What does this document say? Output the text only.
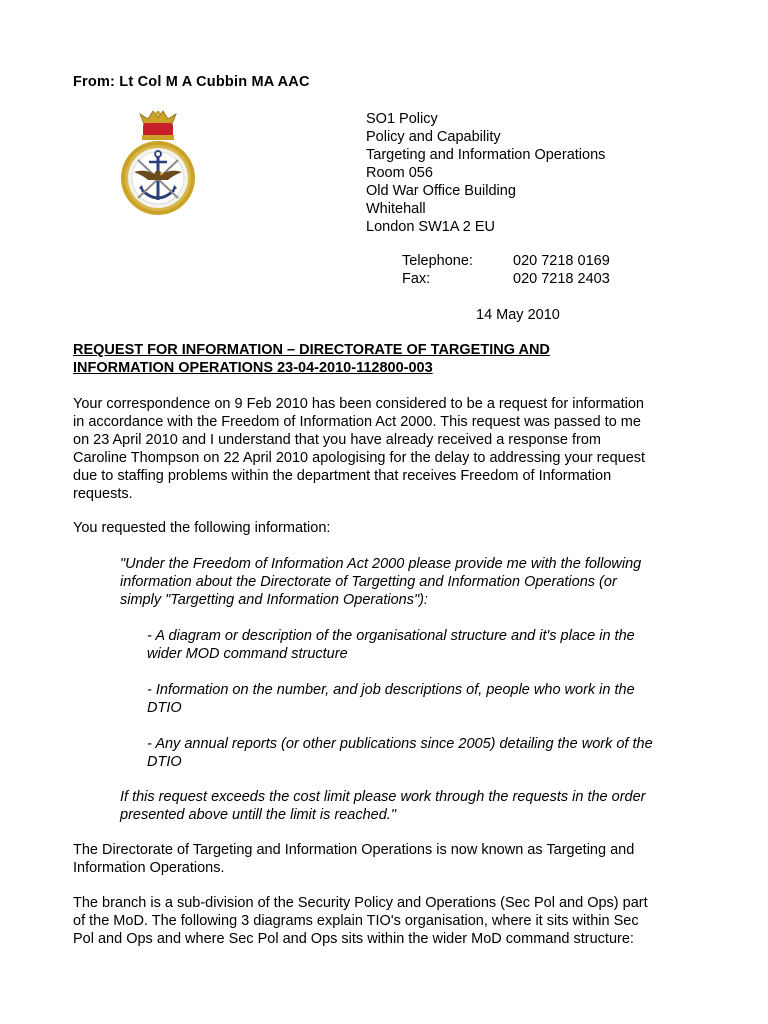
From: Lt Col M A Cubbin MA AAC
SO1 Policy
Policy and Capability
Targeting and Information Operations
Room 056
Old War Office Building
Whitehall
London SW1A 2 EU
Telephone:	020 7218 0169
Fax:	020 7218 2403
14 May 2010
REQUEST FOR INFORMATION – DIRECTORATE OF TARGETING AND
INFORMATION OPERATIONS 23-04-2010-112800-003
Your correspondence on 9 Feb 2010 has been considered to be a request for information
in accordance with the Freedom of Information Act 2000. This request was passed to me
on 23 April 2010 and I understand that you have already received a response from
Caroline Thompson on 22 April 2010 apologising for the delay to addressing your request
due to staffing problems within the department that receives Freedom of Information
requests.
You requested the following information:
"Under the Freedom of Information Act 2000 please provide me with the following
information about the Directorate of Targetting and Information Operations (or
simply "Targetting and Information Operations"):
- A diagram or description of the organisational structure and it's place in the
wider MOD command structure
- Information on the number, and job descriptions of, people who work in the
DTIO
- Any annual reports (or other publications since 2005) detailing the work of the
DTIO
If this request exceeds the cost limit please work through the requests in the order
presented above untill the limit is reached."
The Directorate of Targeting and Information Operations is now known as Targeting and
Information Operations.
The branch is a sub-division of the Security Policy and Operations (Sec Pol and Ops) part
of the MoD. The following 3 diagrams explain TIO's organisation, where it sits within Sec
Pol and Ops and where Sec Pol and Ops sits within the wider MoD command structure:
